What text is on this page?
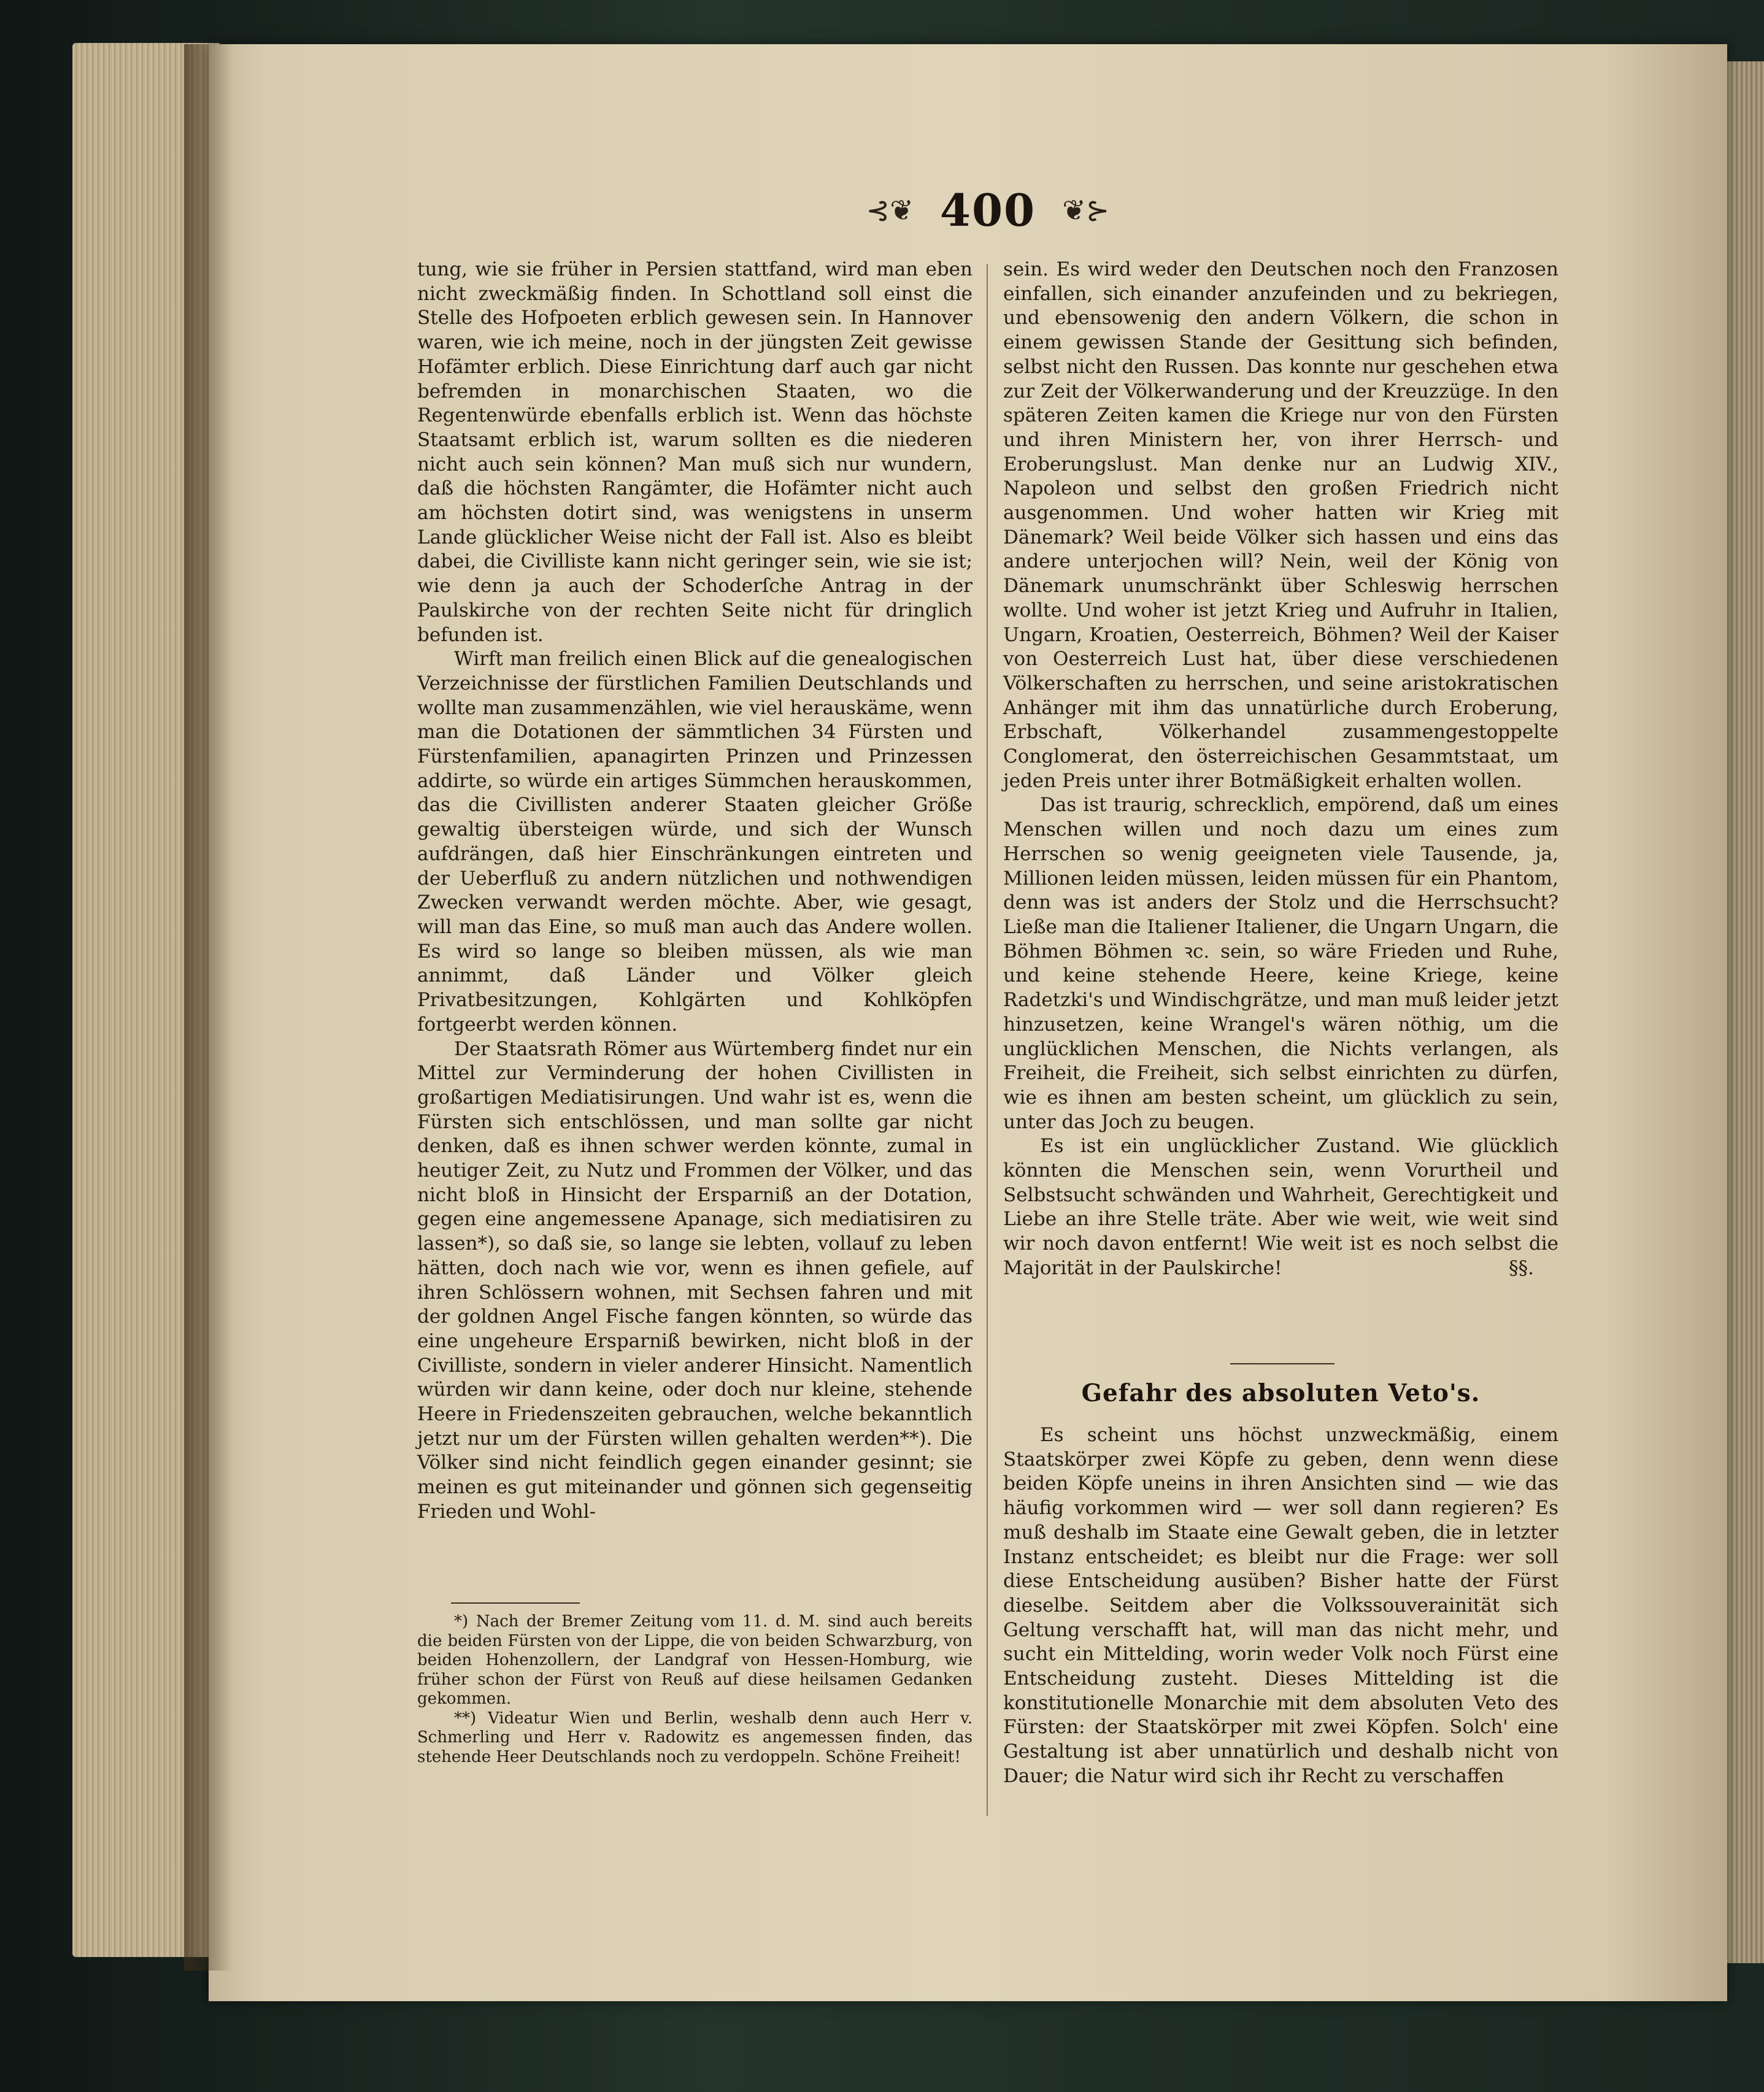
⊰❦ 400 ❦⊱

tung, wie sie früher in Persien stattfand, wird man eben nicht zweckmäßig finden. In Schottland soll einst die Stelle des Hofpoeten erblich gewesen sein. In Hannover waren, wie ich meine, noch in der jüngsten Zeit gewisse Hofämter erblich. Diese Einrichtung darf auch gar nicht befremden in monarchischen Staaten, wo die Regentenwürde ebenfalls erblich ist. Wenn das höchste Staatsamt erblich ist, warum sollten es die niederen nicht auch sein können? Man muß sich nur wundern, daß die höchsten Rangämter, die Hofämter nicht auch am höchsten dotirt sind, was wenigstens in unserm Lande glücklicher Weise nicht der Fall ist. Also es bleibt dabei, die Civilliste kann nicht geringer sein, wie sie ist; wie denn ja auch der Schoderſche Antrag in der Paulskirche von der rechten Seite nicht für dringlich befunden ist.

Wirft man freilich einen Blick auf die genealogischen Verzeichnisse der fürstlichen Familien Deutschlands und wollte man zusammenzählen, wie viel herauskäme, wenn man die Dotationen der sämmtlichen 34 Fürsten und Fürstenfamilien, apanagirten Prinzen und Prinzessen addirte, so würde ein artiges Sümmchen herauskommen, das die Civillisten anderer Staaten gleicher Größe gewaltig übersteigen würde, und sich der Wunsch aufdrängen, daß hier Einschränkungen eintreten und der Ueberfluß zu andern nützlichen und nothwendigen Zwecken verwandt werden möchte. Aber, wie gesagt, will man das Eine, so muß man auch das Andere wollen. Es wird so lange so bleiben müssen, als wie man annimmt, daß Länder und Völker gleich Privatbesitzungen, Kohlgärten und Kohlköpfen fortgeerbt werden können.

Der Staatsrath Römer aus Würtemberg findet nur ein Mittel zur Verminderung der hohen Civillisten in großartigen Mediatisirungen. Und wahr ist es, wenn die Fürsten sich entschlössen, und man sollte gar nicht denken, daß es ihnen schwer werden könnte, zumal in heutiger Zeit, zu Nutz und Frommen der Völker, und das nicht bloß in Hinsicht der Ersparniß an der Dotation, gegen eine angemessene Apanage, sich mediatisiren zu lassen*), so daß sie, so lange sie lebten, vollauf zu leben hätten, doch nach wie vor, wenn es ihnen gefiele, auf ihren Schlössern wohnen, mit Sechsen fahren und mit der goldnen Angel Fische fangen könnten, so würde das eine ungeheure Ersparniß bewirken, nicht bloß in der Civilliste, sondern in vieler anderer Hinsicht. Namentlich würden wir dann keine, oder doch nur kleine, stehende Heere in Friedenszeiten gebrauchen, welche bekanntlich jetzt nur um der Fürsten willen gehalten werden**). Die Völker sind nicht feindlich gegen einander gesinnt; sie meinen es gut miteinander und gönnen sich gegenseitig Frieden und Wohl-

*) Nach der Bremer Zeitung vom 11. d. M. sind auch bereits die beiden Fürsten von der Lippe, die von beiden Schwarzburg, von beiden Hohenzollern, der Landgraf von Hessen-Homburg, wie früher schon der Fürst von Reuß auf diese heilsamen Gedanken gekommen.

**) Videatur Wien und Berlin, weshalb denn auch Herr v. Schmerling und Herr v. Radowitz es angemessen finden, das stehende Heer Deutschlands noch zu verdoppeln. Schöne Freiheit!

sein. Es wird weder den Deutschen noch den Franzosen einfallen, sich einander anzufeinden und zu bekriegen, und ebensowenig den andern Völkern, die schon in einem gewissen Stande der Gesittung sich befinden, selbst nicht den Russen. Das konnte nur geschehen etwa zur Zeit der Völkerwanderung und der Kreuzzüge. In den späteren Zeiten kamen die Kriege nur von den Fürsten und ihren Ministern her, von ihrer Herrsch- und Eroberungslust. Man denke nur an Ludwig XIV., Napoleon und selbst den großen Friedrich nicht ausgenommen. Und woher hatten wir Krieg mit Dänemark? Weil beide Völker sich hassen und eins das andere unterjochen will? Nein, weil der König von Dänemark unumschränkt über Schleswig herrschen wollte. Und woher ist jetzt Krieg und Aufruhr in Italien, Ungarn, Kroatien, Oesterreich, Böhmen? Weil der Kaiser von Oesterreich Lust hat, über diese verschiedenen Völkerschaften zu herrschen, und seine aristokratischen Anhänger mit ihm das unnatürliche durch Eroberung, Erbschaft, Völkerhandel zusammengestoppelte Conglomerat, den österreichischen Gesammtstaat, um jeden Preis unter ihrer Botmäßigkeit erhalten wollen.

Das ist traurig, schrecklich, empörend, daß um eines Menschen willen und noch dazu um eines zum Herrschen so wenig geeigneten viele Tausende, ja, Millionen leiden müssen, leiden müssen für ein Phantom, denn was ist anders der Stolz und die Herrschsucht? Ließe man die Italiener Italiener, die Ungarn Ungarn, die Böhmen Böhmen ꝛc. sein, so wäre Frieden und Ruhe, und keine stehende Heere, keine Kriege, keine Radetzki's und Windischgrätze, und man muß leider jetzt hinzusetzen, keine Wrangel's wären nöthig, um die unglücklichen Menschen, die Nichts verlangen, als Freiheit, die Freiheit, sich selbst einrichten zu dürfen, wie es ihnen am besten scheint, um glücklich zu sein, unter das Joch zu beugen.

Es ist ein unglücklicher Zustand. Wie glücklich könnten die Menschen sein, wenn Vorurtheil und Selbstsucht schwänden und Wahrheit, Gerechtigkeit und Liebe an ihre Stelle träte. Aber wie weit, wie weit sind wir noch davon entfernt! Wie weit ist es noch selbst die Majorität in der Paulskirche!	§§.

Gefahr des absoluten Veto's.

Es scheint uns höchst unzweckmäßig, einem Staatskörper zwei Köpfe zu geben, denn wenn diese beiden Köpfe uneins in ihren Ansichten sind — wie das häufig vorkommen wird — wer soll dann regieren? Es muß deshalb im Staate eine Gewalt geben, die in letzter Instanz entscheidet; es bleibt nur die Frage: wer soll diese Entscheidung ausüben? Bisher hatte der Fürst dieselbe. Seitdem aber die Volkssouverainität sich Geltung verschafft hat, will man das nicht mehr, und sucht ein Mittelding, worin weder Volk noch Fürst eine Entscheidung zusteht. Dieses Mittelding ist die konstitutionelle Monarchie mit dem absoluten Veto des Fürsten: der Staatskörper mit zwei Köpfen. Solch' eine Gestaltung ist aber unnatürlich und deshalb nicht von Dauer; die Natur wird sich ihr Recht zu verschaffen
